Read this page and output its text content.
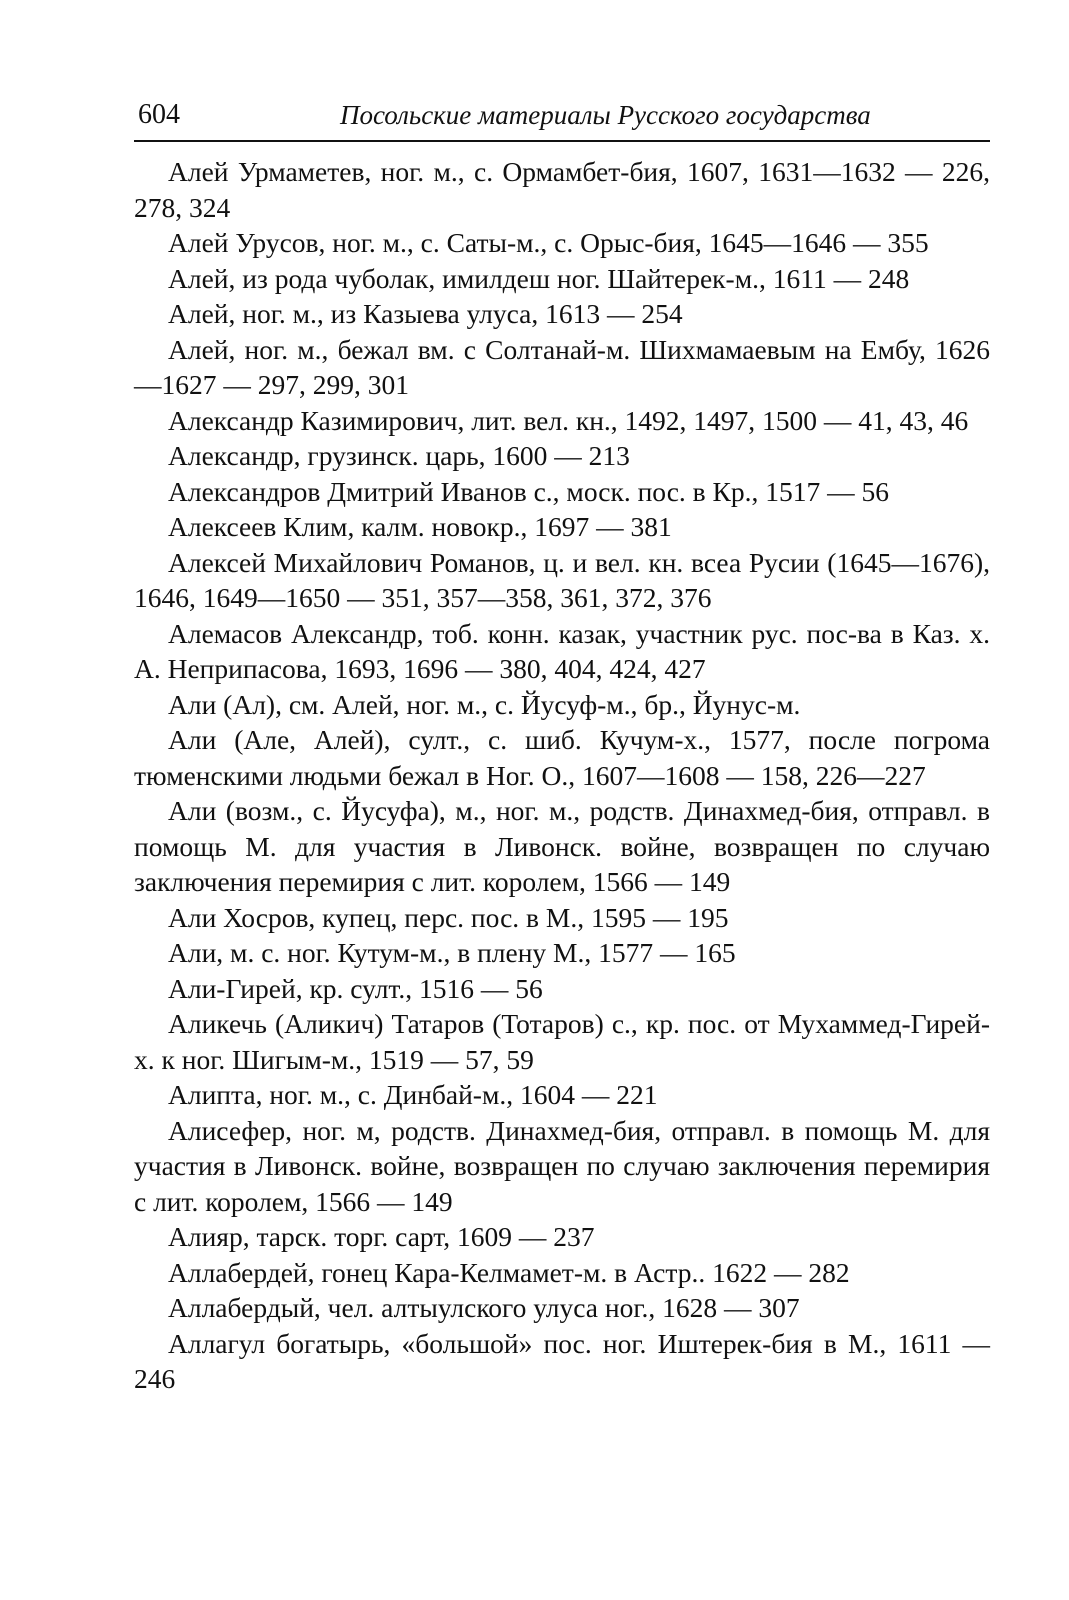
604	Посольские материалы Русского государства

Алей Урмаметев, ног. м., с. Ормамбет-бия, 1607, 1631—1632 — 226, 278, 324

Алей Урусов, ног. м., с. Саты-м., с. Орыс-бия, 1645—1646 — 355

Алей, из рода чуболак, имилдеш ног. Шайтерек-м., 1611 — 248

Алей, ног. м., из Казыева улуса, 1613 — 254

Алей, ног. м., бежал вм. с Солтанай-м. Шихмамаевым на Ембу, 1626—1627 — 297, 299, 301

Александр Казимирович, лит. вел. кн., 1492, 1497, 1500 — 41, 43, 46

Александр, грузинск. царь, 1600 — 213

Александров Дмитрий Иванов с., моск. пос. в Кр., 1517 — 56

Алексеев Клим, калм. новокр., 1697 — 381

Алексей Михайлович Романов, ц. и вел. кн. всеа Русии (1645—1676), 1646, 1649—1650 — 351, 357—358, 361, 372, 376

Алемасов Александр, тоб. конн. казак, участник рус. пос-ва в Каз. х. А. Неприпасова, 1693, 1696 — 380, 404, 424, 427

Али (Ал), см. Алей, ног. м., с. Йусуф-м., бр., Йунус-м.

Али (Але, Алей), султ., с. шиб. Кучум-х., 1577, после погрома тюменскими людьми бежал в Ног. О., 1607—1608 — 158, 226—227

Али (возм., с. Йусуфа), м., ног. м., родств. Динахмед-бия, отправл. в помощь М. для участия в Ливонск. войне, возвращен по случаю заключения перемирия с лит. королем, 1566 — 149

Али Хосров, купец, перс. пос. в М., 1595 — 195

Али, м. с. ног. Кутум-м., в плену М., 1577 — 165

Али-Гирей, кр. султ., 1516 — 56

Аликечь (Аликич) Татаров (Тотаров) с., кр. пос. от Мухаммед-Гирей-х. к ног. Шигым-м., 1519 — 57, 59

Алипта, ног. м., с. Динбай-м., 1604 — 221

Алисефер, ног. м, родств. Динахмед-бия, отправл. в помощь М. для участия в Ливонск. войне, возвращен по случаю заключения перемирия с лит. королем, 1566 — 149

Алияр, тарск. торг. сарт, 1609 — 237

Аллабердей, гонец Кара-Келмамет-м. в Астр.. 1622 — 282

Аллабердый, чел. алтыулского улуса ног., 1628 — 307

Аллагул богатырь, «большой» пос. ног. Иштерек-бия в М., 1611 — 246
